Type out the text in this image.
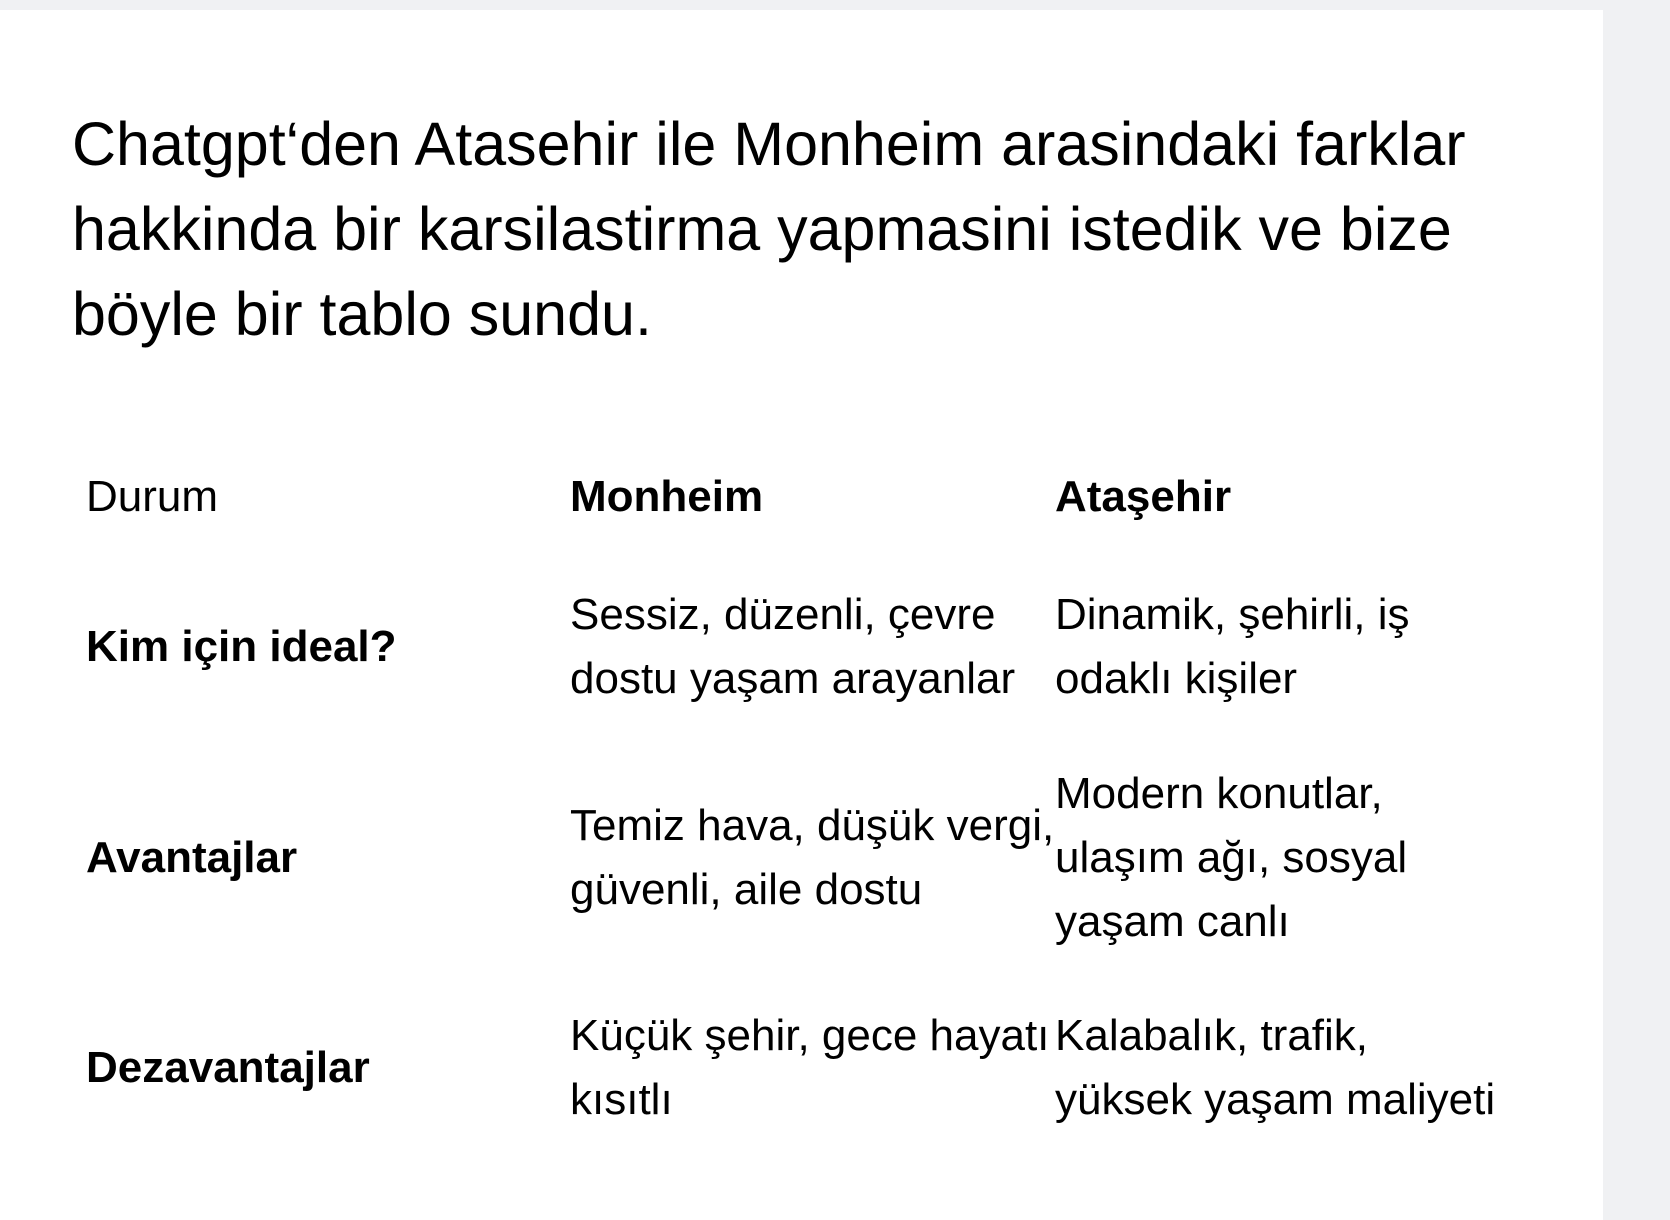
Chatgpt‘den Atasehir ile Monheim arasindaki farklar hakkinda bir karsilastirma yapmasini istedik ve bize böyle bir tablo sundu.
Durum	Monheim	Ataşehir
Kim için ideal?	Sessiz, düzenli, çevre dostu yaşam arayanlar	Dinamik, şehirli, iş odaklı kişiler
Avantajlar	Temiz hava, düşük vergi, güvenli, aile dostu	Modern konutlar, ulaşım ağı, sosyal yaşam canlı
Dezavantajlar	Küçük şehir, gece hayatı kısıtlı	Kalabalık, trafik, yüksek yaşam maliyeti
